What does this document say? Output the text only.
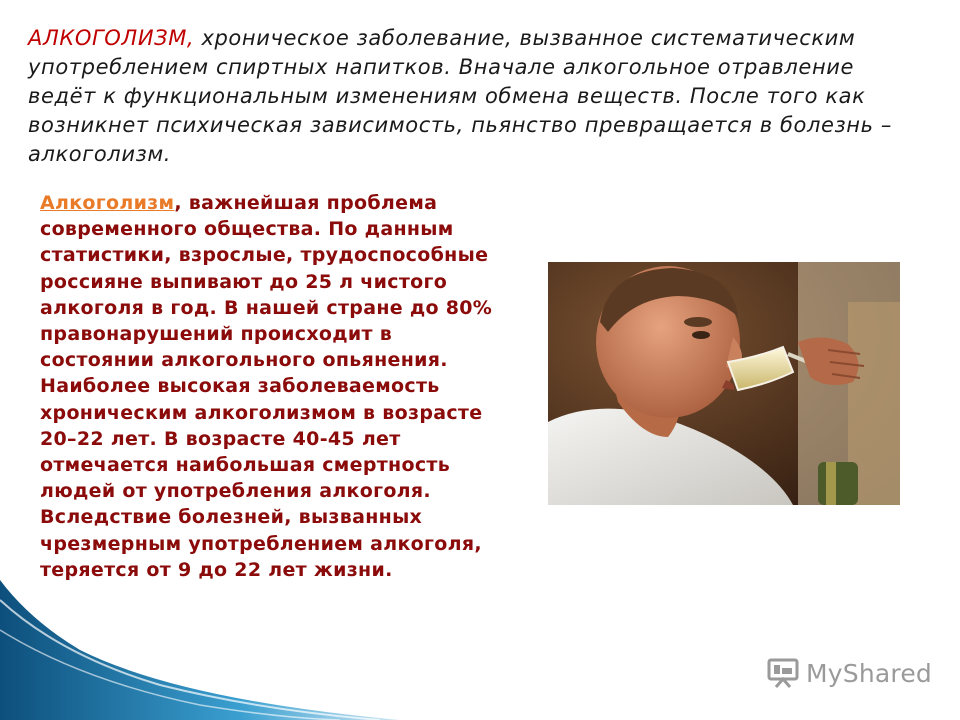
АЛКОГОЛИЗМ, хроническое заболевание, вызванное систематическим употреблением спиртных напитков. Вначале алкогольное отравление ведёт к функциональным изменениям обмена веществ. После того как возникнет психическая зависимость, пьянство превращается в болезнь – алкоголизм.

Алкоголизм, важнейшая проблема современного общества. По данным статистики, взрослые, трудоспособные россияне выпивают до 25 л чистого алкоголя в год. В нашей стране до 80% правонарушений происходит в состоянии алкогольного опьянения. Наиболее высокая заболеваемость хроническим алкоголизмом в возрасте 20–22 лет. В возрасте 40-45 лет отмечается наибольшая смертность людей от употребления алкоголя. Вследствие болезней, вызванных чрезмерным употреблением алкоголя, теряется от 9 до 22 лет жизни.

MyShared
